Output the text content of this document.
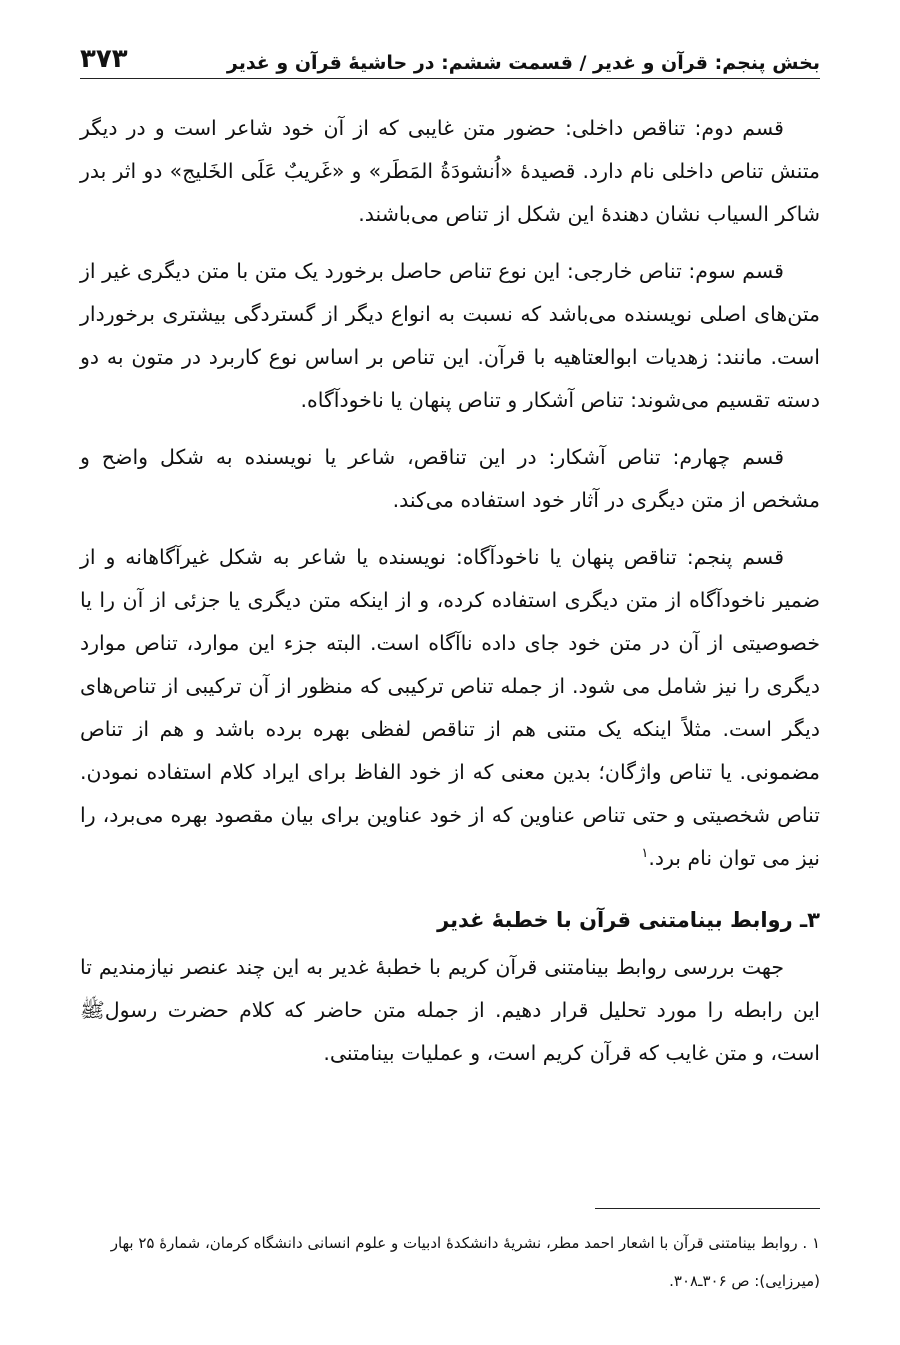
بخش پنجم: قرآن و غدیر / قسمت ششم: در حاشیهٔ قرآن و غدیر
۳۷۳

قسم دوم: تناقص داخلی: حضور متن غایبی که از آن خود شاعر است و در دیگر متنش تناص داخلی نام دارد. قصیدهٔ «اُنشودَةُ المَطَر» و «غَریبٌ عَلَی الخَلیج» دو اثر بدر شاکر السیاب نشان دهندهٔ این شکل از تناص می‌باشند.

قسم سوم: تناص خارجی: این نوع تناص حاصل برخورد یک متن با متن دیگری غیر از متن‌های اصلی نویسنده می‌باشد که نسبت به انواع دیگر از گستردگی بیشتری برخوردار است. مانند: زهدیات ابوالعتاهیه با قرآن. این تناص بر اساس نوع کاربرد در متون به دو دسته تقسیم می‌شوند: تناص آشکار و تناص پنهان یا ناخودآگاه.

قسم چهارم: تناص آشکار: در این تناقص، شاعر یا نویسنده به شکل واضح و مشخص از متن دیگری در آثار خود استفاده می‌کند.

قسم پنجم: تناقص پنهان یا ناخودآگاه: نویسنده یا شاعر به شکل غیرآگاهانه و از ضمیر ناخودآگاه از متن دیگری استفاده کرده، و از اینکه متن دیگری یا جزئی از آن را یا خصوصیتی از آن در متن خود جای داده ناآگاه است. البته جزء این موارد، تناص موارد دیگری را نیز شامل می شود. از جمله تناص ترکیبی که منظور از آن ترکیبی از تناص‌های دیگر است. مثلاً اینکه یک متنی هم از تناقص لفظی بهره برده باشد و هم از تناص مضمونی. یا تناص واژگان؛ بدین معنی که از خود الفاظ برای ایراد کلام استفاده نمودن. تناص شخصیتی و حتی تناص عناوین که از خود عناوین برای بیان مقصود بهره می‌برد، را نیز می توان نام برد.$^۱$

۳ـ روابط بینامتنی قرآن با خطبهٔ غدیر

جهت بررسی روابط بینامتنی قرآن کریم با خطبهٔ غدیر به این چند عنصر نیازمندیم تا این رابطه را مورد تحلیل قرار دهیم. از جمله متن حاضر که کلام حضرت رسولﷺ است، و متن غایب که قرآن کریم است، و عملیات بینامتنی.

۱ . روابط بینامتنی قرآن با اشعار احمد مطر، نشریهٔ دانشکدهٔ ادبیات و علوم انسانی دانشگاه کرمان، شمارهٔ ۲۵ بهار (میرزایی): ص ۳۰۶ـ۳۰۸.
